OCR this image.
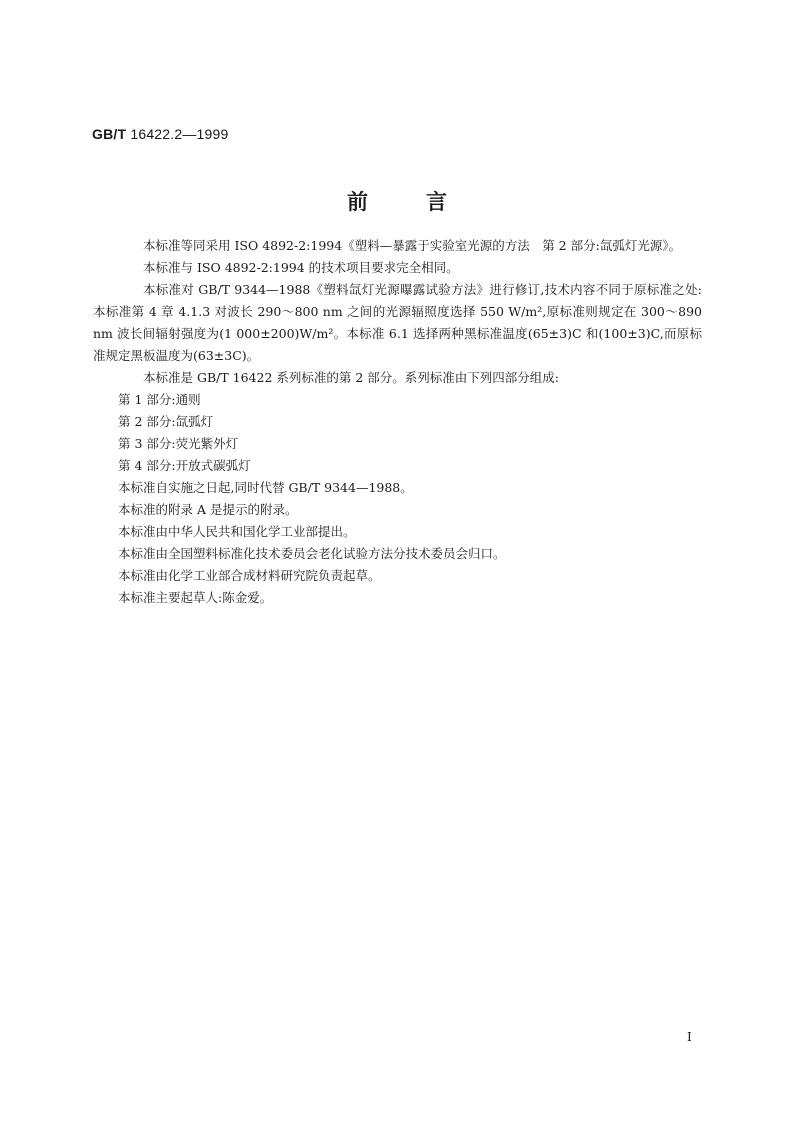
GB/T 16422.2—1999
前言

本标准等同采用 ISO 4892-2:1994《塑料—暴露于实验室光源的方法　第 2 部分:氙弧灯光源》。

本标准与 ISO 4892-2:1994 的技术项目要求完全相同。

本标准对 GB/T 9344—1988《塑料氙灯光源曝露试验方法》进行修订,技术内容不同于原标准之处:本标准第 4 章 4.1.3 对波长 290～800 nm 之间的光源辐照度选择 550 W/m²,原标准则规定在 300～890 nm 波长间辐射强度为(1 000±200)W/m²。本标准 6.1 选择两种黑标准温度(65±3)C 和(100±3)C,而原标准规定黑板温度为(63±3C)。

本标准是 GB/T 16422 系列标准的第 2 部分。系列标准由下列四部分组成:

第 1 部分:通则

第 2 部分:氙弧灯

第 3 部分:荧光紫外灯

第 4 部分:开放式碳弧灯

本标准自实施之日起,同时代替 GB/T 9344—1988。

本标准的附录 A 是提示的附录。

本标准由中华人民共和国化学工业部提出。

本标准由全国塑料标准化技术委员会老化试验方法分技术委员会归口。

本标准由化学工业部合成材料研究院负责起草。

本标准主要起草人:陈金爱。

I
